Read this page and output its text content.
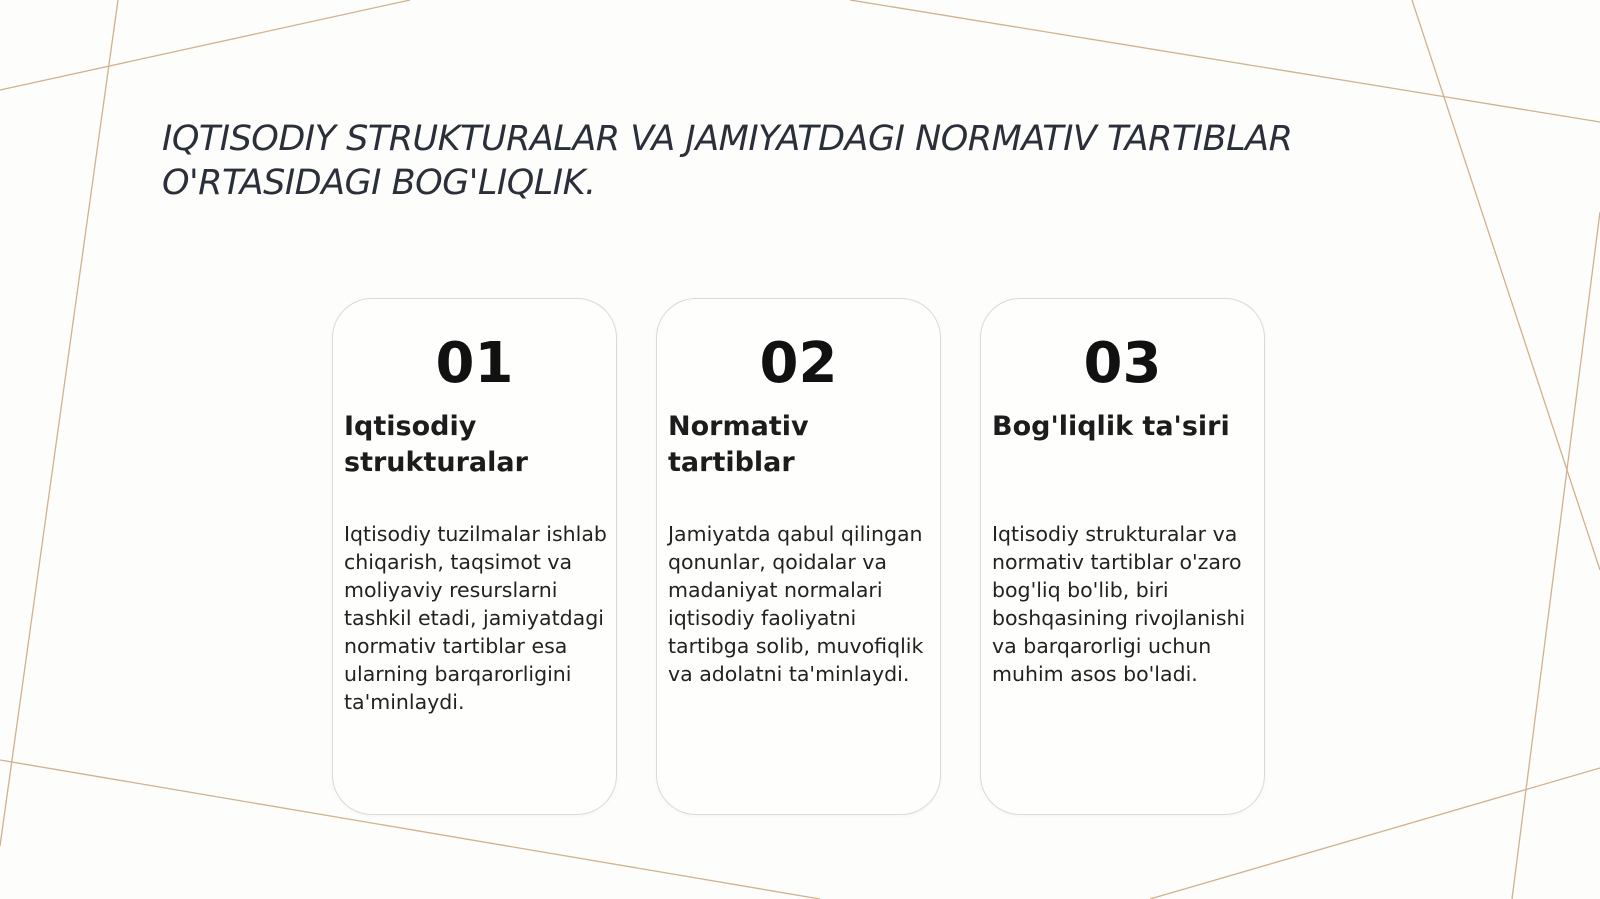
IQTISODIY STRUKTURALAR VA JAMIYATDAGI NORMATIV TARTIBLAR O'RTASIDAGI BOG'LIQLIK.
01
Iqtisodiy strukturalar
Iqtisodiy tuzilmalar ishlab chiqarish, taqsimot va moliyaviy resurslarni tashkil etadi, jamiyatdagi normativ tartiblar esa ularning barqarorligini ta'minlaydi.
02
Normativ tartiblar
Jamiyatda qabul qilingan qonunlar, qoidalar va madaniyat normalari iqtisodiy faoliyatni tartibga solib, muvofiqlik va adolatni ta'minlaydi.
03
Bog'liqlik ta'siri
Iqtisodiy strukturalar va normativ tartiblar o'zaro bog'liq bo'lib, biri boshqasining rivojlanishi va barqarorligi uchun muhim asos bo'ladi.
